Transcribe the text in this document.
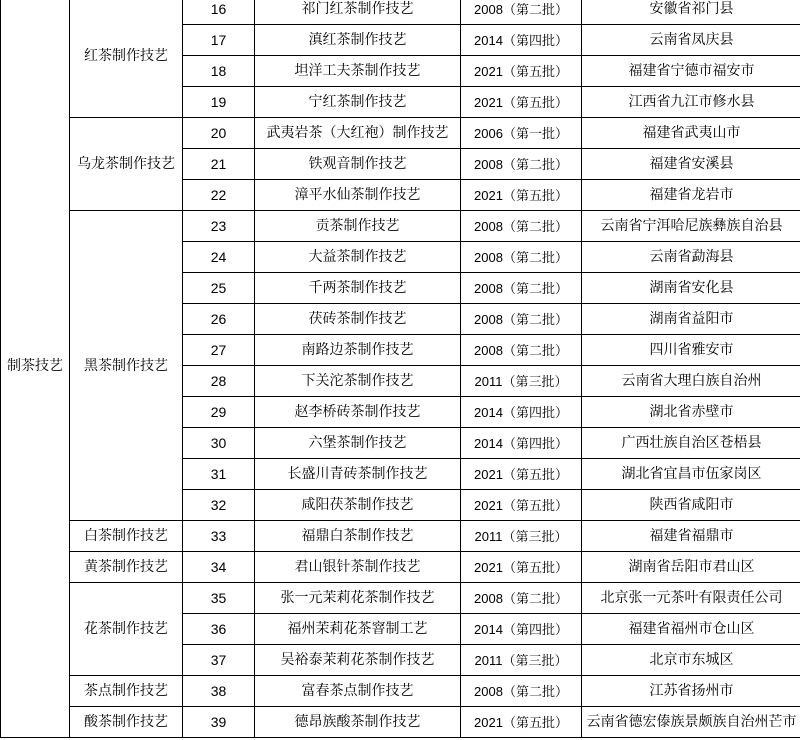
制茶技艺	红茶制作技艺	16	祁门红茶制作技艺	2008（第二批）	安徽省祁门县
		17	滇红茶制作技艺	2014（第四批）	云南省凤庆县
		18	坦洋工夫茶制作技艺	2021（第五批）	福建省宁德市福安市
		19	宁红茶制作技艺	2021（第五批）	江西省九江市修水县
	乌龙茶制作技艺	20	武夷岩茶（大红袍）制作技艺	2006（第一批）	福建省武夷山市
		21	铁观音制作技艺	2008（第二批）	福建省安溪县
		22	漳平水仙茶制作技艺	2021（第五批）	福建省龙岩市
	黑茶制作技艺	23	贡茶制作技艺	2008（第二批）	云南省宁洱哈尼族彝族自治县
		24	大益茶制作技艺	2008（第二批）	云南省勐海县
		25	千两茶制作技艺	2008（第二批）	湖南省安化县
		26	茯砖茶制作技艺	2008（第二批）	湖南省益阳市
		27	南路边茶制作技艺	2008（第二批）	四川省雅安市
		28	下关沱茶制作技艺	2011（第三批）	云南省大理白族自治州
		29	赵李桥砖茶制作技艺	2014（第四批）	湖北省赤壁市
		30	六堡茶制作技艺	2014（第四批）	广西壮族自治区苍梧县
		31	长盛川青砖茶制作技艺	2021（第五批）	湖北省宜昌市伍家岗区
		32	咸阳茯茶制作技艺	2021（第五批）	陕西省咸阳市
	白茶制作技艺	33	福鼎白茶制作技艺	2011（第三批）	福建省福鼎市
	黄茶制作技艺	34	君山银针茶制作技艺	2021（第五批）	湖南省岳阳市君山区
	花茶制作技艺	35	张一元茉莉花茶制作技艺	2008（第二批）	北京张一元茶叶有限责任公司
		36	福州茉莉花茶窨制工艺	2014（第四批）	福建省福州市仓山区
		37	吴裕泰茉莉花茶制作技艺	2011（第三批）	北京市东城区
	茶点制作技艺	38	富春茶点制作技艺	2008（第二批）	江苏省扬州市
	酸茶制作技艺	39	德昂族酸茶制作技艺	2021（第五批）	云南省德宏傣族景颇族自治州芒市
